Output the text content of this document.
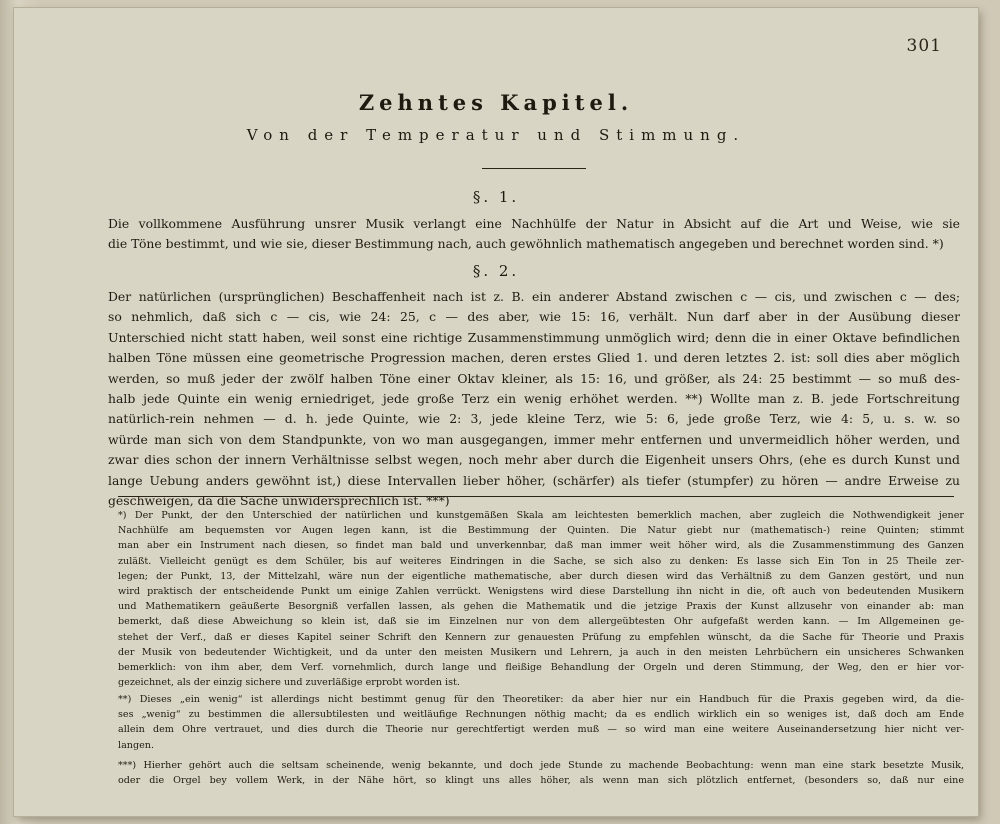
301
Zehntes Kapitel.
Von der Temperatur und Stimmung.
§. 1.
Die vollkommene Ausführung unsrer Musik verlangt eine Nachhülfe der Natur in Absicht auf die Art und Weise, wie sie
die Töne bestimmt, und wie sie, dieser Bestimmung nach, auch gewöhnlich mathematisch angegeben und berechnet worden sind. *)
§. 2.
Der natürlichen (ursprünglichen) Beschaffenheit nach ist z. B. ein anderer Abstand zwischen c — cis, und zwischen c — des;
so nehmlich, daß sich c — cis, wie 24: 25, c — des aber, wie 15: 16, verhält. Nun darf aber in der Ausübung dieser
Unterschied nicht statt haben, weil sonst eine richtige Zusammenstimmung unmöglich wird; denn die in einer Oktave befindlichen
halben Töne müssen eine geometrische Progression machen, deren erstes Glied 1. und deren letztes 2. ist: soll dies aber möglich
werden, so muß jeder der zwölf halben Töne einer Oktav kleiner, als 15: 16, und größer, als 24: 25 bestimmt — so muß des-
halb jede Quinte ein wenig erniedriget, jede große Terz ein wenig erhöhet werden. **) Wollte man z. B. jede Fortschreitung
natürlich-rein nehmen — d. h. jede Quinte, wie 2: 3, jede kleine Terz, wie 5: 6, jede große Terz, wie 4: 5, u. s. w. so
würde man sich von dem Standpunkte, von wo man ausgegangen, immer mehr entfernen und unvermeidlich höher werden, und
zwar dies schon der innern Verhältnisse selbst wegen, noch mehr aber durch die Eigenheit unsers Ohrs, (ehe es durch Kunst und
lange Uebung anders gewöhnt ist,) diese Intervallen lieber höher, (schärfer) als tiefer (stumpfer) zu hören — andre Erweise zu
geschweigen, da die Sache unwidersprechlich ist. ***)
*) Der Punkt, der den Unterschied der natürlichen und kunstgemäßen Skala am leichtesten bemerklich machen, aber zugleich die Nothwendigkeit jener
Nachhülfe am bequemsten vor Augen legen kann, ist die Bestimmung der Quinten. Die Natur giebt nur (mathematisch-) reine Quinten; stimmt
man aber ein Instrument nach diesen, so findet man bald und unverkennbar, daß man immer weit höher wird, als die Zusammenstimmung des Ganzen
zuläßt. Vielleicht genügt es dem Schüler, bis auf weiteres Eindringen in die Sache, se sich also zu denken: Es lasse sich Ein Ton in 25 Theile zer-
legen; der Punkt, 13, der Mittelzahl, wäre nun der eigentliche mathematische, aber durch diesen wird das Verhältniß zu dem Ganzen gestört, und nun
wird praktisch der entscheidende Punkt um einige Zahlen verrückt. Wenigstens wird diese Darstellung ihn nicht in die, oft auch von bedeutenden Musikern
und Mathematikern geäußerte Besorgniß verfallen lassen, als gehen die Mathematik und die jetzige Praxis der Kunst allzusehr von einander ab: man
bemerkt, daß diese Abweichung so klein ist, daß sie im Einzelnen nur von dem allergeübtesten Ohr aufgefaßt werden kann. — Im Allgemeinen ge-
stehet der Verf., daß er dieses Kapitel seiner Schrift den Kennern zur genauesten Prüfung zu empfehlen wünscht, da die Sache für Theorie und Praxis
der Musik von bedeutender Wichtigkeit, und da unter den meisten Musikern und Lehrern, ja auch in den meisten Lehrbüchern ein unsicheres Schwanken
bemerklich: von ihm aber, dem Verf. vornehmlich, durch lange und fleißige Behandlung der Orgeln und deren Stimmung, der Weg, den er hier vor-
gezeichnet, als der einzig sichere und zuverläßige erprobt worden ist.
**) Dieses „ein wenig“ ist allerdings nicht bestimmt genug für den Theoretiker: da aber hier nur ein Handbuch für die Praxis gegeben wird, da die-
ses „wenig“ zu bestimmen die allersubtilesten und weitläufige Rechnungen nöthig macht; da es endlich wirklich ein so weniges ist, daß doch am Ende
allein dem Ohre vertrauet, und dies durch die Theorie nur gerechtfertigt werden muß — so wird man eine weitere Auseinandersetzung hier nicht ver-
langen.
***) Hierher gehört auch die seltsam scheinende, wenig bekannte, und doch jede Stunde zu machende Beobachtung: wenn man eine stark besetzte Musik,
oder die Orgel bey vollem Werk, in der Nähe hört, so klingt uns alles höher, als wenn man sich plötzlich entfernet, (besonders so, daß nur eine
